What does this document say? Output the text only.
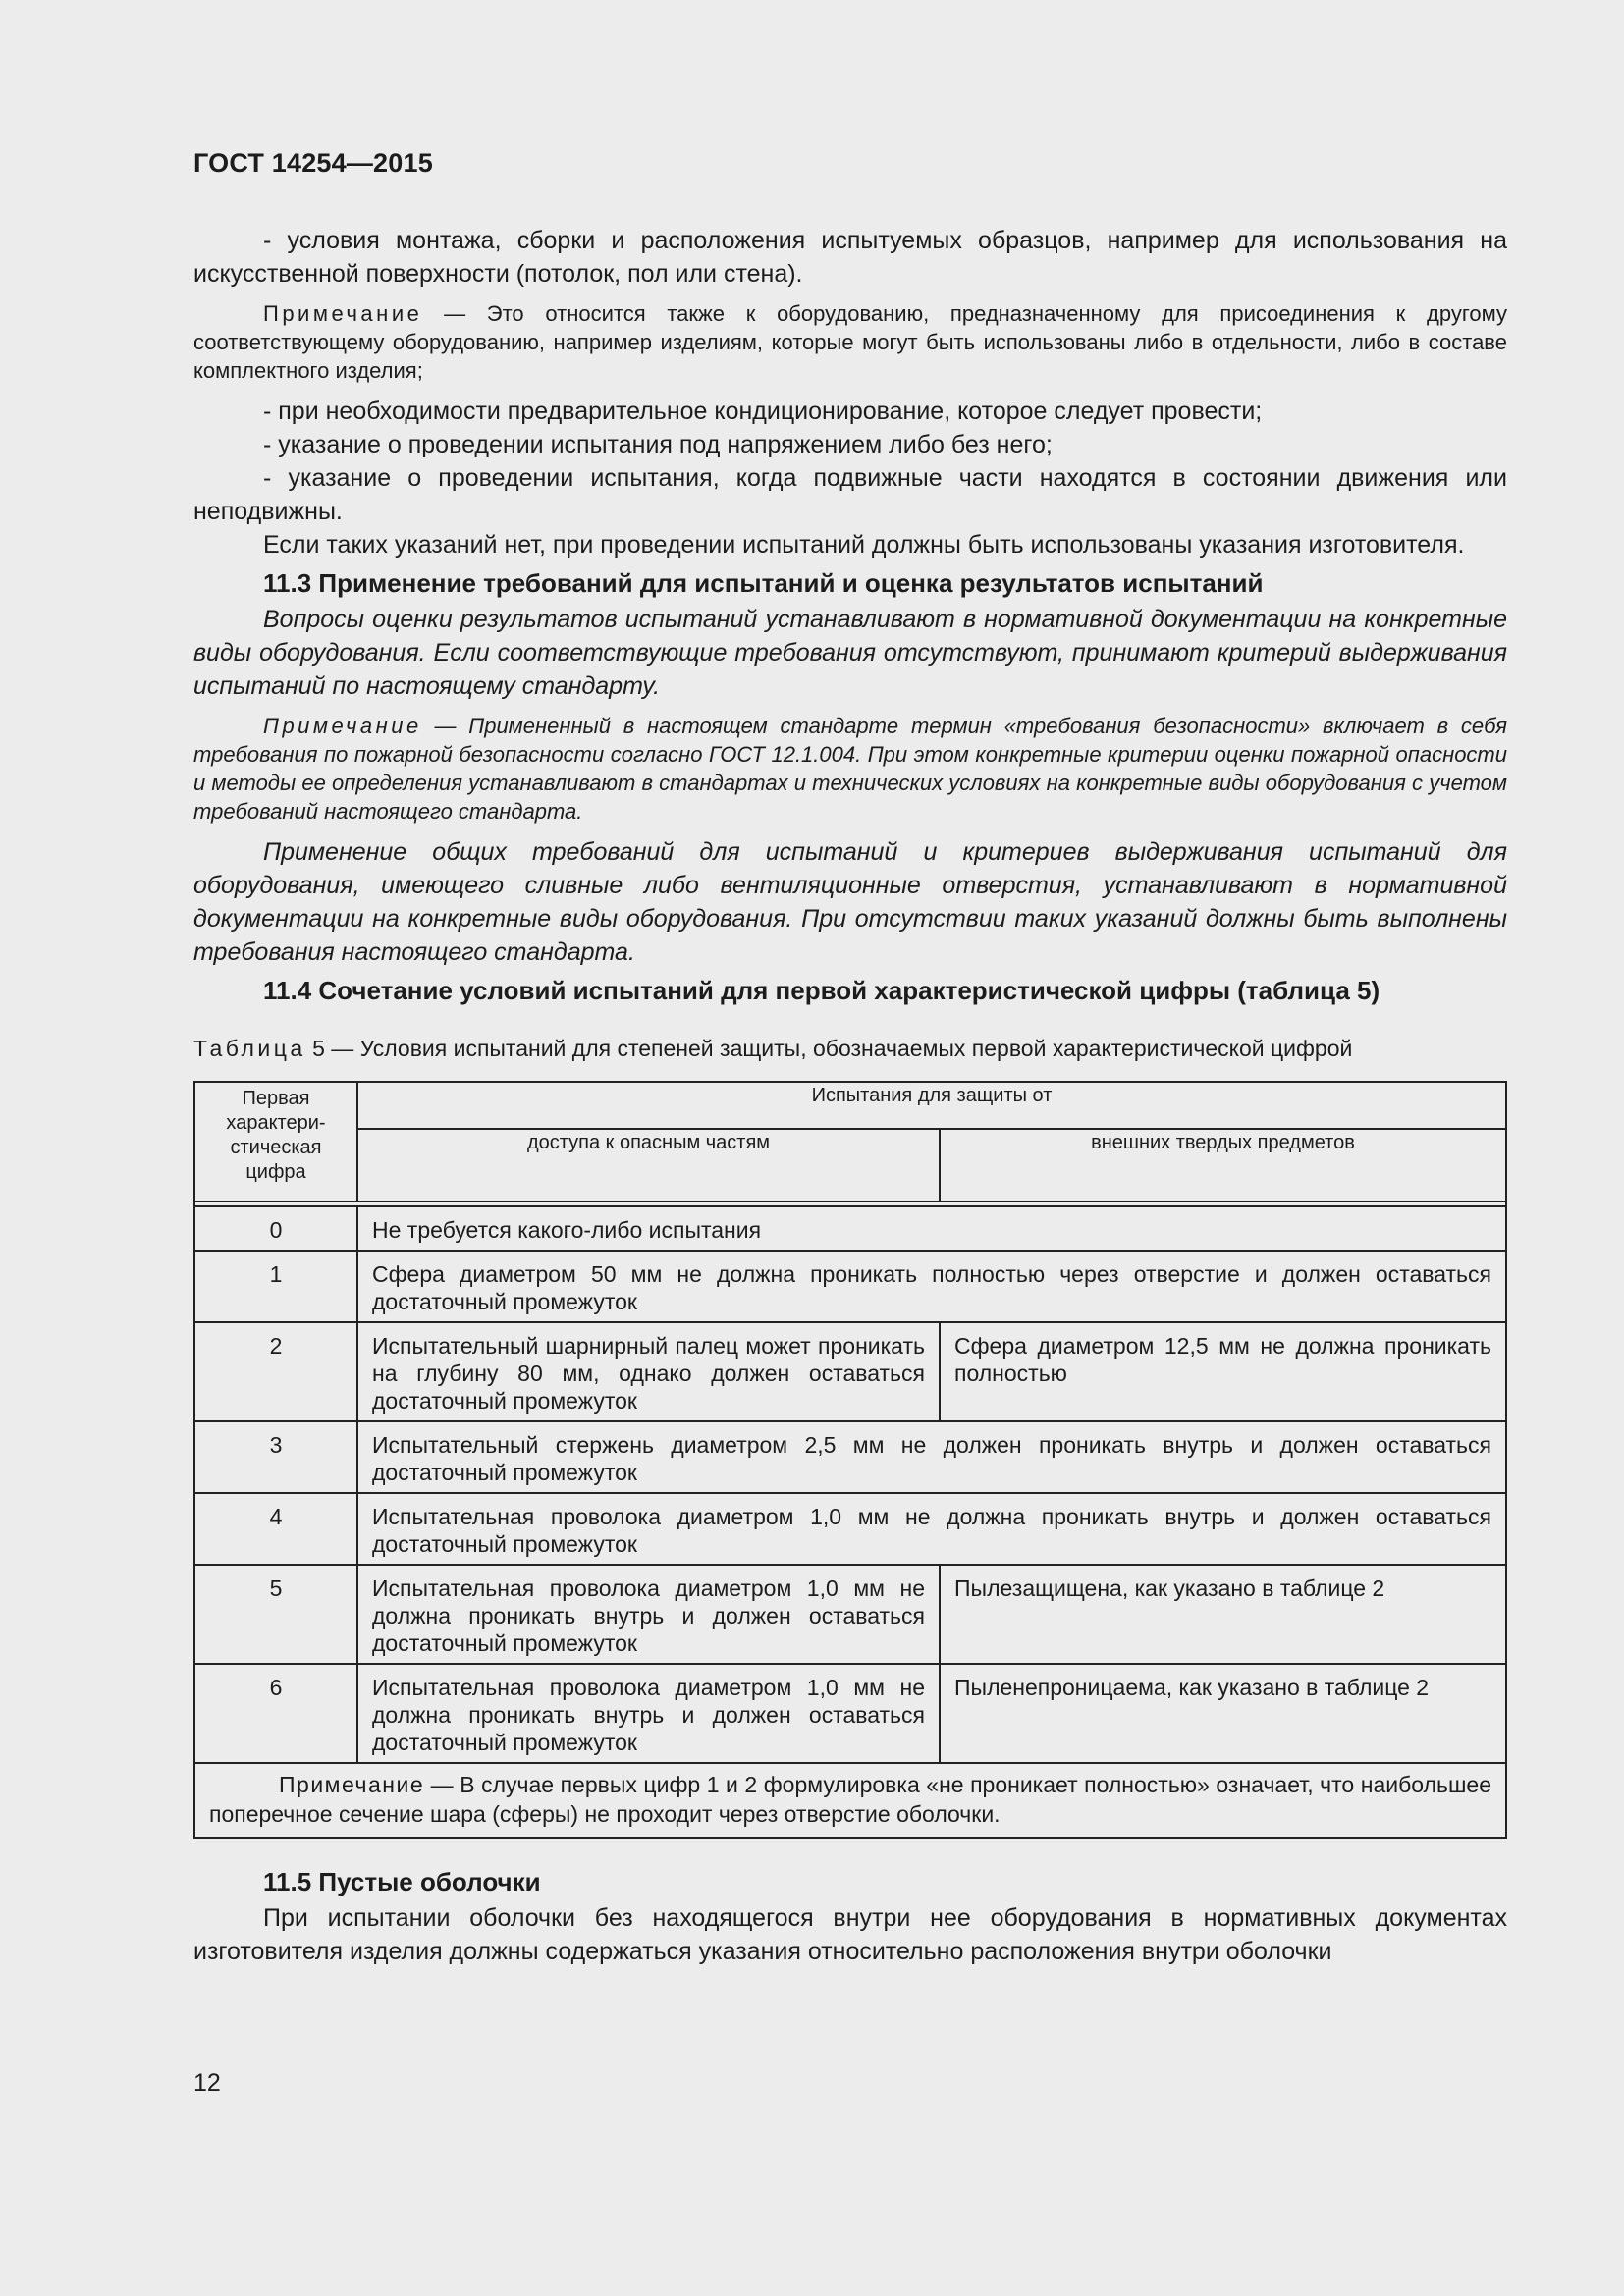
ГОСТ 14254—2015

- условия монтажа, сборки и расположения испытуемых образцов, например для использования на искусственной поверхности (потолок, пол или стена).

Примечание — Это относится также к оборудованию, предназначенному для присоединения к другому соответствующему оборудованию, например изделиям, которые могут быть использованы либо в отдельности, либо в составе комплектного изделия;

- при необходимости предварительное кондиционирование, которое следует провести;

- указание о проведении испытания под напряжением либо без него;

- указание о проведении испытания, когда подвижные части находятся в состоянии движения или неподвижны.

Если таких указаний нет, при проведении испытаний должны быть использованы указания изготовителя.

11.3 Применение требований для испытаний и оценка результатов испытаний

Вопросы оценки результатов испытаний устанавливают в нормативной документации на конкретные виды оборудования. Если соответствующие требования отсутствуют, принимают критерий выдерживания испытаний по настоящему стандарту.

Примечание — Примененный в настоящем стандарте термин «требования безопасности» включает в себя требования по пожарной безопасности согласно ГОСТ 12.1.004. При этом конкретные критерии оценки пожарной опасности и методы ее определения устанавливают в стандартах и технических условиях на конкретные виды оборудования с учетом требований настоящего стандарта.

Применение общих требований для испытаний и критериев выдерживания испытаний для оборудования, имеющего сливные либо вентиляционные отверстия, устанавливают в нормативной документации на конкретные виды оборудования. При отсутствии таких указаний должны быть выполнены требования настоящего стандарта.

11.4 Сочетание условий испытаний для первой характеристической цифры (таблица 5)

Таблица 5 — Условия испытаний для степеней защиты, обозначаемых первой характеристической цифрой

Первая характери-стическая цифра	Испытания для защиты от	
	доступа к опасным частям	внешних твердых предметов

0	Не требуется какого-либо испытания	
1	Сфера диаметром 50 мм не должна проникать полностью через отверстие и должен оставаться достаточный промежуток	
2	Испытательный шарнирный палец может проникать на глубину 80 мм, однако должен оставаться достаточный промежуток	Сфера диаметром 12,5 мм не должна проникать полностью
3	Испытательный стержень диаметром 2,5 мм не должен проникать внутрь и должен оставаться достаточный промежуток	
4	Испытательная проволока диаметром 1,0 мм не должна проникать внутрь и должен оставаться достаточный промежуток	
5	Испытательная проволока диаметром 1,0 мм не должна проникать внутрь и должен оставаться достаточный промежуток	Пылезащищена, как указано в таблице 2
6	Испытательная проволока диаметром 1,0 мм не должна проникать внутрь и должен оставаться достаточный промежуток	Пыленепроницаема, как указано в таблице 2
Примечание — В случае первых цифр 1 и 2 формулировка «не проникает полностью» означает, что наибольшее поперечное сечение шара (сферы) не проходит через отверстие оболочки.		
11.5 Пустые оболочки

При испытании оболочки без находящегося внутри нее оборудования в нормативных документах изготовителя изделия должны содержаться указания относительно расположения внутри оболочки

12
